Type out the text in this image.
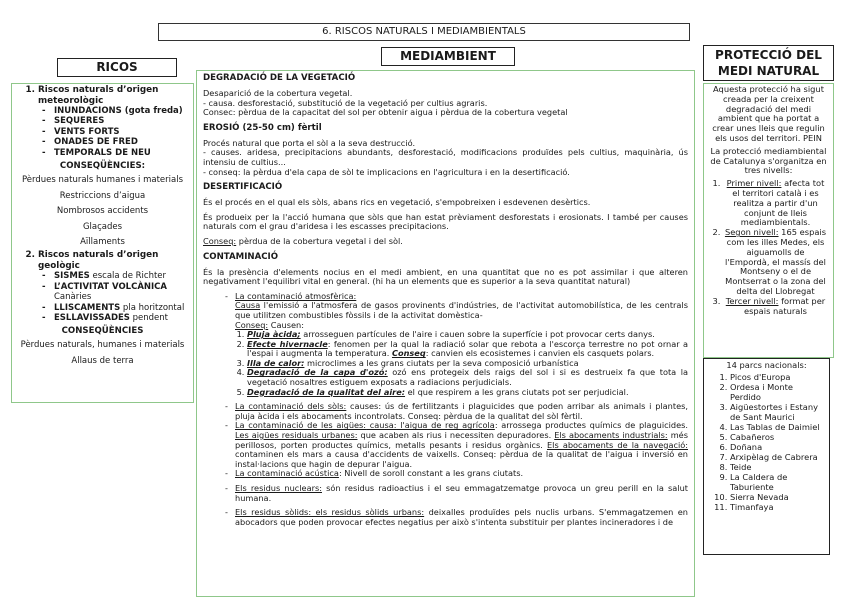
6. RISCOS NATURALS I MEDIAMBIENTALS
RICOS
MEDIAMBIENT	PROTECCIÓ DEL MEDI NATURAL
1. Riscos naturals d’origen meteorològic
- INUNDACIONS (gota freda)
- SEQUERES
- VENTS FORTS
- ONADES DE FRED
- TEMPORALS DE NEU

CONSEQÜÈNCIES:

Pèrdues naturals humanes i materials

Restriccions d’aigua

Nombrosos accidents

Glaçades

Aïllaments

2. Riscos naturals d’origen geològic
- SISMES escala de Richter
- L’ACTIVITAT VOLCÀNICA Canàries
- LLISCAMENTS pla horitzontal
- ESLLAVISSADES pendent

CONSEQÜÈNCIES

Pèrdues naturals, humanes i materials

Allaus de terra

DEGRADACIÓ DE LA VEGETACIÓ

Desaparició de la cobertura vegetal.

- causa. desforestació, substitució de la vegetació per cultius agraris.

Consec: pèrdua de la capacitat del sol per obtenir aigua i pèrdua de la cobertura vegetal

EROSIÓ (25-50 cm) fèrtil

Procés natural que porta el sòl a la seva destrucció.

- causes. aridesa, precipitacions abundants, desforestació, modificacions produïdes pels cultius, maquinària, ús intensiu de cultius...

- conseq: la pèrdua d'ela capa de sòl te implicacions en l'agricultura i en la desertificació.

DESERTIFICACIÓ

És el procés en el qual els sòls, abans rics en vegetació, s'empobreixen i esdevenen desèrtics.

És produeix per la l'acció humana que sòls que han estat prèviament desforestats i erosionats. I també per causes naturals com el grau d'aridesa i les escasses precipitacions.

Conseq: pèrdua de la cobertura vegetal i del sòl.

CONTAMINACIÓ

És la presència d'elements nocius en el medi ambient, en una quantitat que no es pot assimilar i que alteren negativament l'equilibri vital en general. (hi ha un elements que es superior a la seva quantitat natural)

- La contaminació atmosfèrica:
Causa l'emissió a l'atmosfera de gasos provinents d'indústries, de l'activitat automobilística, de les centrals que utilitzen combustibles fòssils i de la activitat domèstica-
Conseq: Causen:
1. Pluja àcida; arrosseguen partícules de l'aire i cauen sobre la superfície i pot provocar certs danys.
2. Efecte hivernacle: fenomen per la qual la radiació solar que rebota a l'escorça terrestre no pot ornar a l'espai i augmenta la temperatura. Conseq: canvien els ecosistemes i canvien els casquets polars.
3. Illa de calor: microclimes a les grans ciutats per la seva composició urbanística
4. Degradació de la capa d'ozó: ozó ens protegeix dels raigs del sol i si es destrueix fa que tota la vegetació nosaltres estiguem exposats a radiacions perjudicials.
5. Degradació de la qualitat del aire: el que respirem a les grans ciutats pot ser perjudicial.
- La contaminació dels sòls: causes: ús de fertilitzants i plaguicides que poden arribar als animals i plantes, pluja àcida i els abocaments incontrolats. Conseq: pèrdua de la qualitat del sòl fèrtil.
- La contaminació de les aigües: causa: l'aigua de reg agrícola: arrossega productes químics de plaguicides. Les aigües residuals urbanes: que acaben als rius i necessiten depuradores. Els abocaments industrials: més perillosos, porten productes químics, metalls pesants i residus orgànics. Els abocaments de la navegació: contaminen els mars a causa d'accidents de vaixells. Conseq: pèrdua de la qualitat de l'aigua i inversió en instal·lacions que hagin de depurar l'aigua.
- La contaminació acústica: Nivell de soroll constant a les grans ciutats.
- Els residus nuclears: són residus radioactius i el seu emmagatzematge provoca un greu perill en la salut humana.
- Els residus sòlids: els residus sòlids urbans: deixalles produïdes pels nuclis urbans. S'emmagatzemen en abocadors que poden provocar efectes negatius per això s'intenta substituir per plantes incineradores i de

Aquesta protecció ha sigut creada per la creixent degradació del medi ambient que ha portat a crear unes lleis que regulin els usos del territori. PEIN

La protecció mediambiental de Catalunya s'organitza en tres nivells:

1. Primer nivell: afecta tot el territori català i es realitza a partir d'un conjunt de lleis mediambientals.
2. Segon nivell: 165 espais com les illes Medes, els aiguamolls de l'Empordà, el massís del Montseny o el de Montserrat o la zona del delta del Llobregat
3. Tercer nivell: format per espais naturals

14 parcs nacionals:

1. Picos d'Europa
2. Ordesa i Monte Perdido
3. Aigüestortes i Estany de Sant Maurici
4. Las Tablas de Daimiel
5. Cabañeros
6. Doñana
7. Arxipèlag de Cabrera
8. Teide
9. La Caldera de Taburiente
10. Sierra Nevada
11. Timanfaya
